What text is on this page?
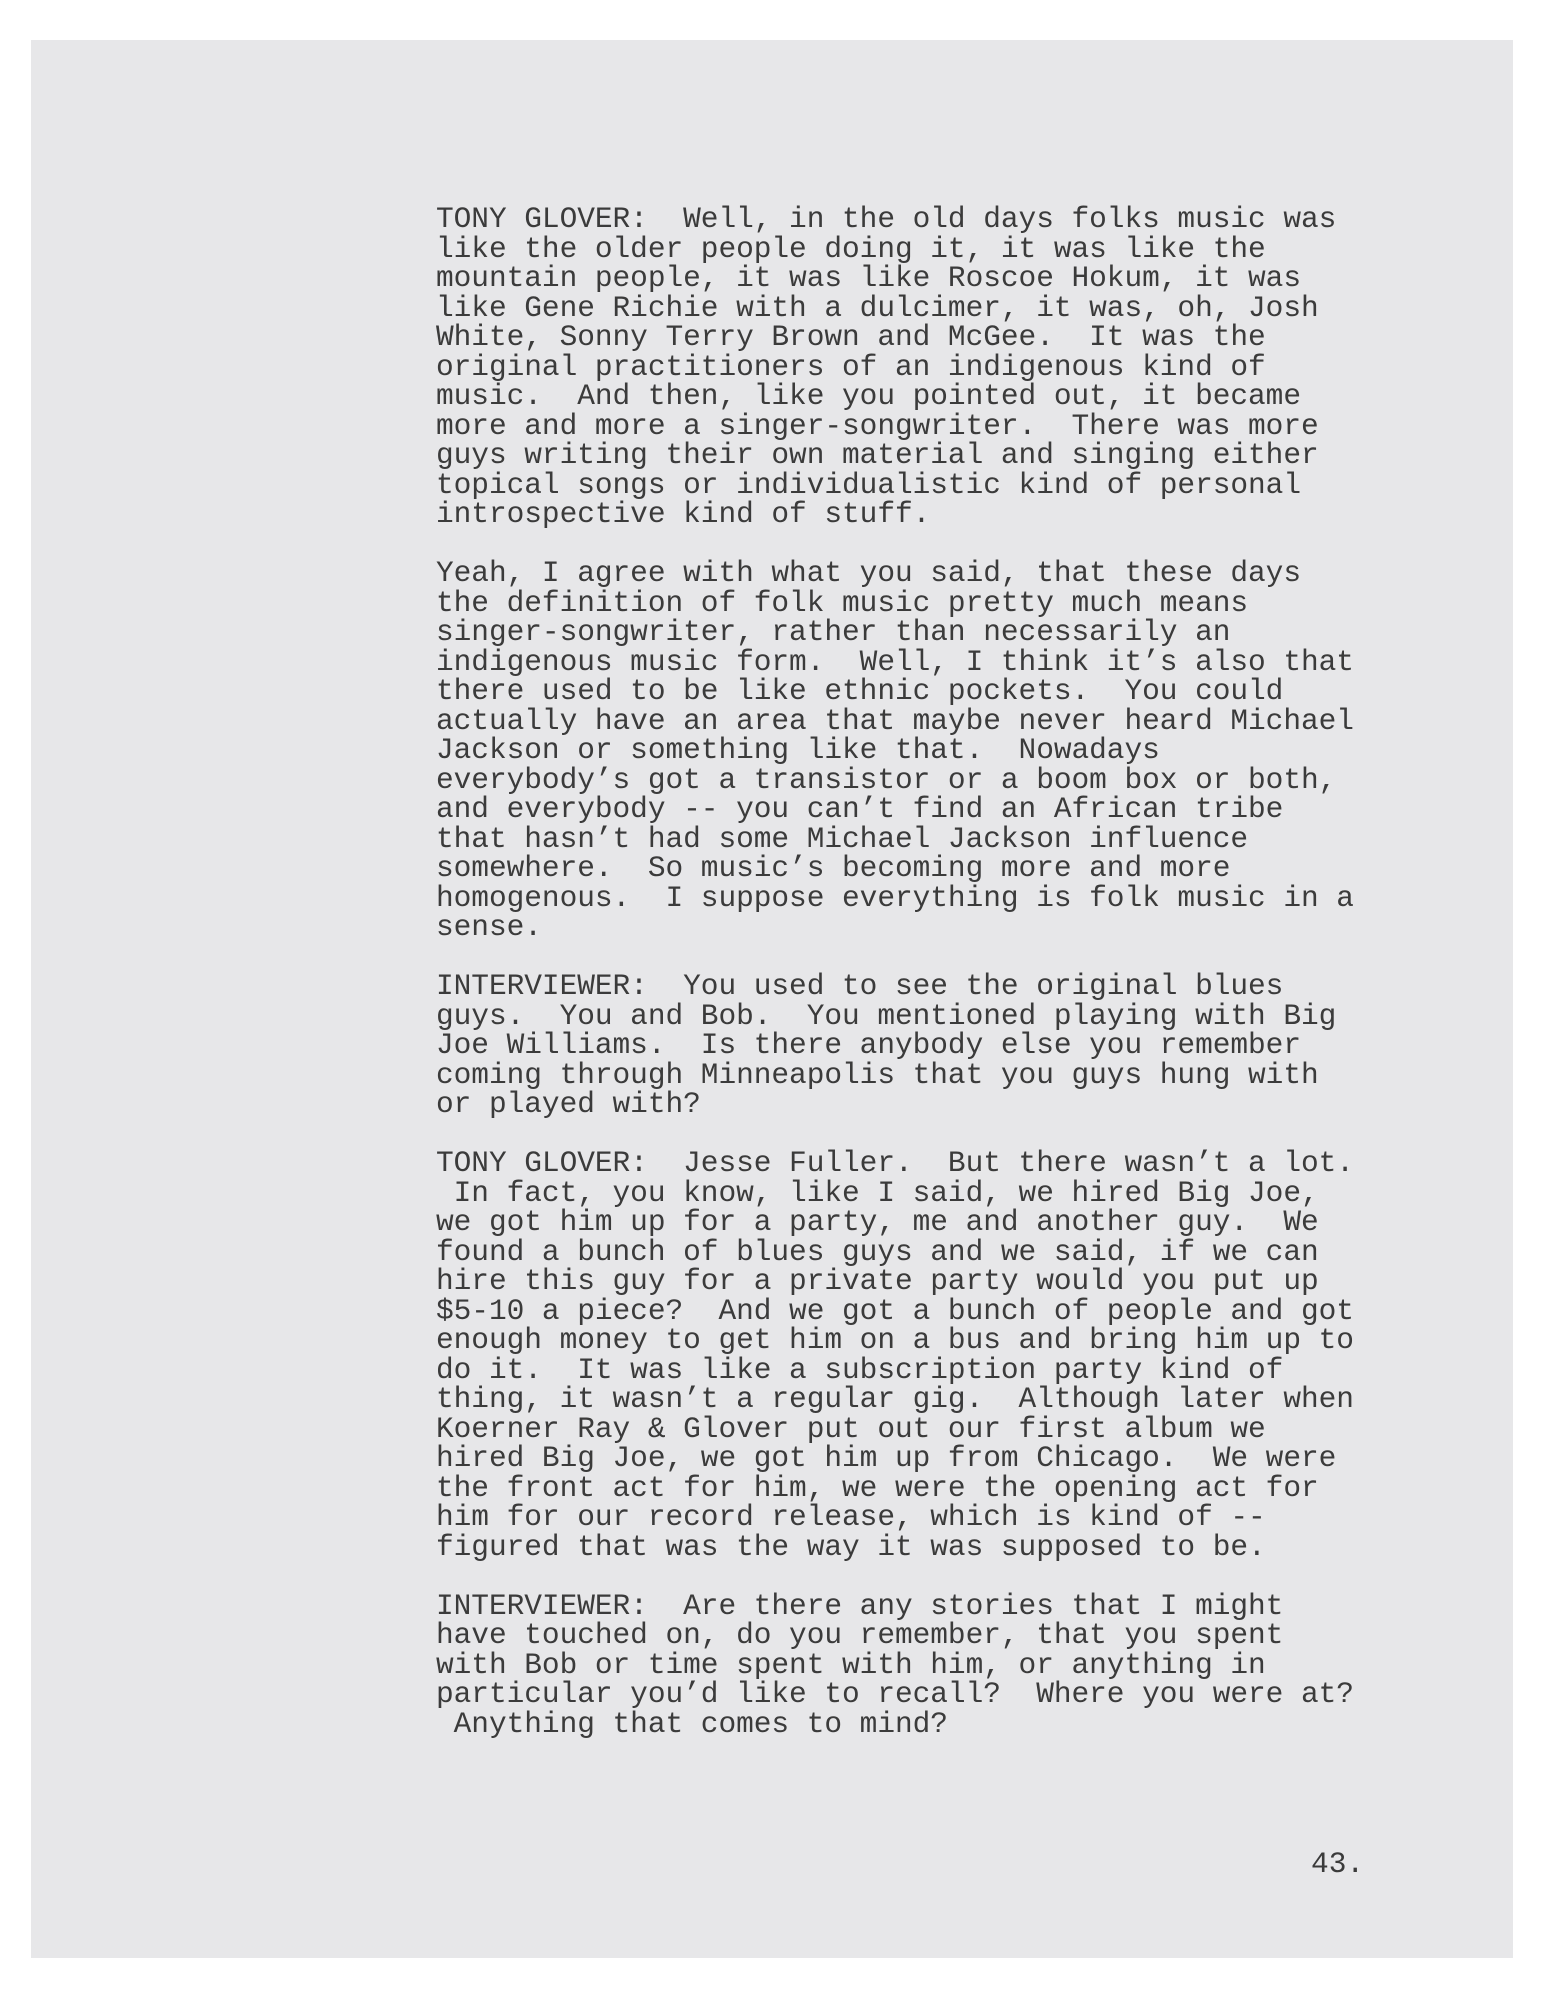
TONY GLOVER:  Well, in the old days folks music was
like the older people doing it, it was like the
mountain people, it was like Roscoe Hokum, it was
like Gene Richie with a dulcimer, it was, oh, Josh
White, Sonny Terry Brown and McGee.  It was the
original practitioners of an indigenous kind of
music.  And then, like you pointed out, it became
more and more a singer-songwriter.  There was more
guys writing their own material and singing either
topical songs or individualistic kind of personal
introspective kind of stuff.

Yeah, I agree with what you said, that these days
the definition of folk music pretty much means
singer-songwriter, rather than necessarily an
indigenous music form.  Well, I think it’s also that
there used to be like ethnic pockets.  You could
actually have an area that maybe never heard Michael
Jackson or something like that.  Nowadays
everybody’s got a transistor or a boom box or both,
and everybody -- you can’t find an African tribe
that hasn’t had some Michael Jackson influence
somewhere.  So music’s becoming more and more
homogenous.  I suppose everything is folk music in a
sense.

INTERVIEWER:  You used to see the original blues
guys.  You and Bob.  You mentioned playing with Big
Joe Williams.  Is there anybody else you remember
coming through Minneapolis that you guys hung with
or played with?

TONY GLOVER:  Jesse Fuller.  But there wasn’t a lot.
In fact, you know, like I said, we hired Big Joe,
we got him up for a party, me and another guy.  We
found a bunch of blues guys and we said, if we can
hire this guy for a private party would you put up
$5-10 a piece?  And we got a bunch of people and got
enough money to get him on a bus and bring him up to
do it.  It was like a subscription party kind of
thing, it wasn’t a regular gig.  Although later when
Koerner Ray & Glover put out our first album we
hired Big Joe, we got him up from Chicago.  We were
the front act for him, we were the opening act for
him for our record release, which is kind of --
figured that was the way it was supposed to be.

INTERVIEWER:  Are there any stories that I might
have touched on, do you remember, that you spent
with Bob or time spent with him, or anything in
particular you’d like to recall?  Where you were at?
Anything that comes to mind?

43.
